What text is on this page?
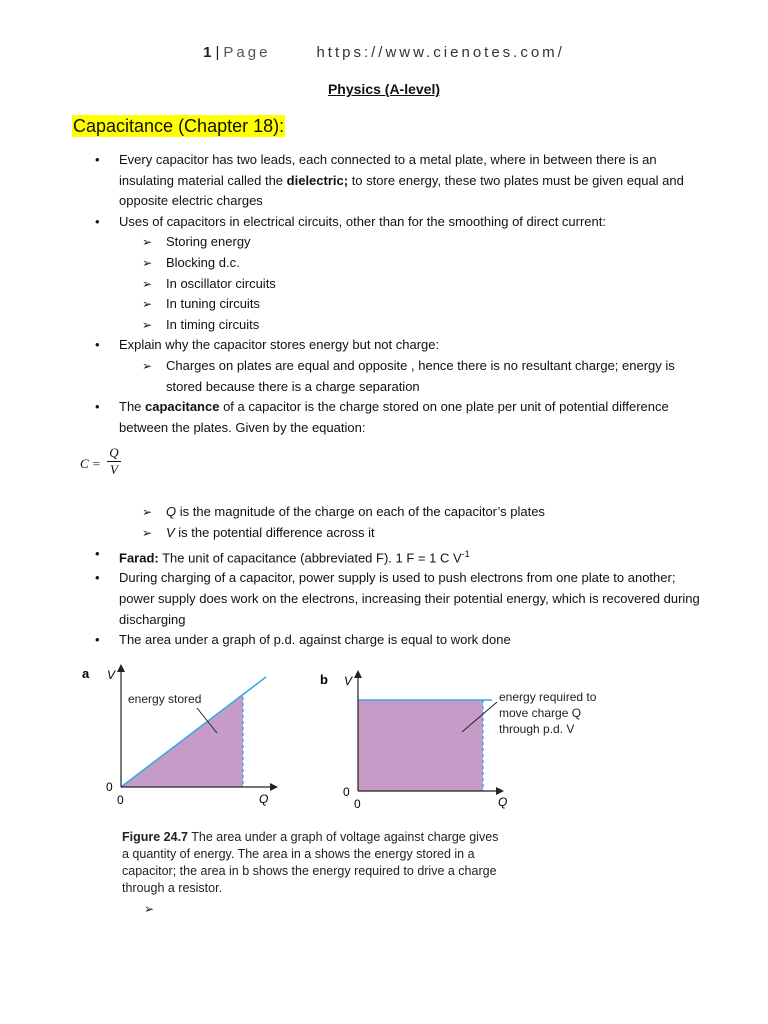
1 | Page	https://www.cienotes.com/
Physics (A-level)
Capacitance (Chapter 18):
• Every capacitor has two leads, each connected to a metal plate, where in between there is an insulating material called the dielectric; to store energy, these two plates must be given equal and opposite electric charges
• Uses of capacitors in electrical circuits, other than for the smoothing of direct current:
➢ Storing energy
➢ Blocking d.c.
➢ In oscillator circuits
➢ In tuning circuits
➢ In timing circuits
• Explain why the capacitor stores energy but not charge:
➢ Charges on plates are equal and opposite , hence there is no resultant charge; energy is stored because there is a charge separation
• The capacitance of a capacitor is the charge stored on one plate per unit of potential difference between the plates. Given by the equation:
C =
Q
V
➢ Q is the magnitude of the charge on each of the capacitor’s plates
➢ V is the potential difference across it
• Farad: The unit of capacitance (abbreviated F). 1 F = 1 C $V^{-1}$
• During charging of a capacitor, power supply is used to push electrons from one plate to another; power supply does work on the electrons, increasing their potential energy, which is recovered during discharging
• The area under a graph of p.d. against charge is equal to work done
a V
Q
0
0
energy stored
b V
Q
0
0
energy required to
move charge Q
through p.d. V
Figure 24.7 The area under a graph of voltage against charge gives a quantity of energy. The area in a shows the energy stored in a capacitor; the area in b shows the energy required to drive a charge through a resistor.
➢
